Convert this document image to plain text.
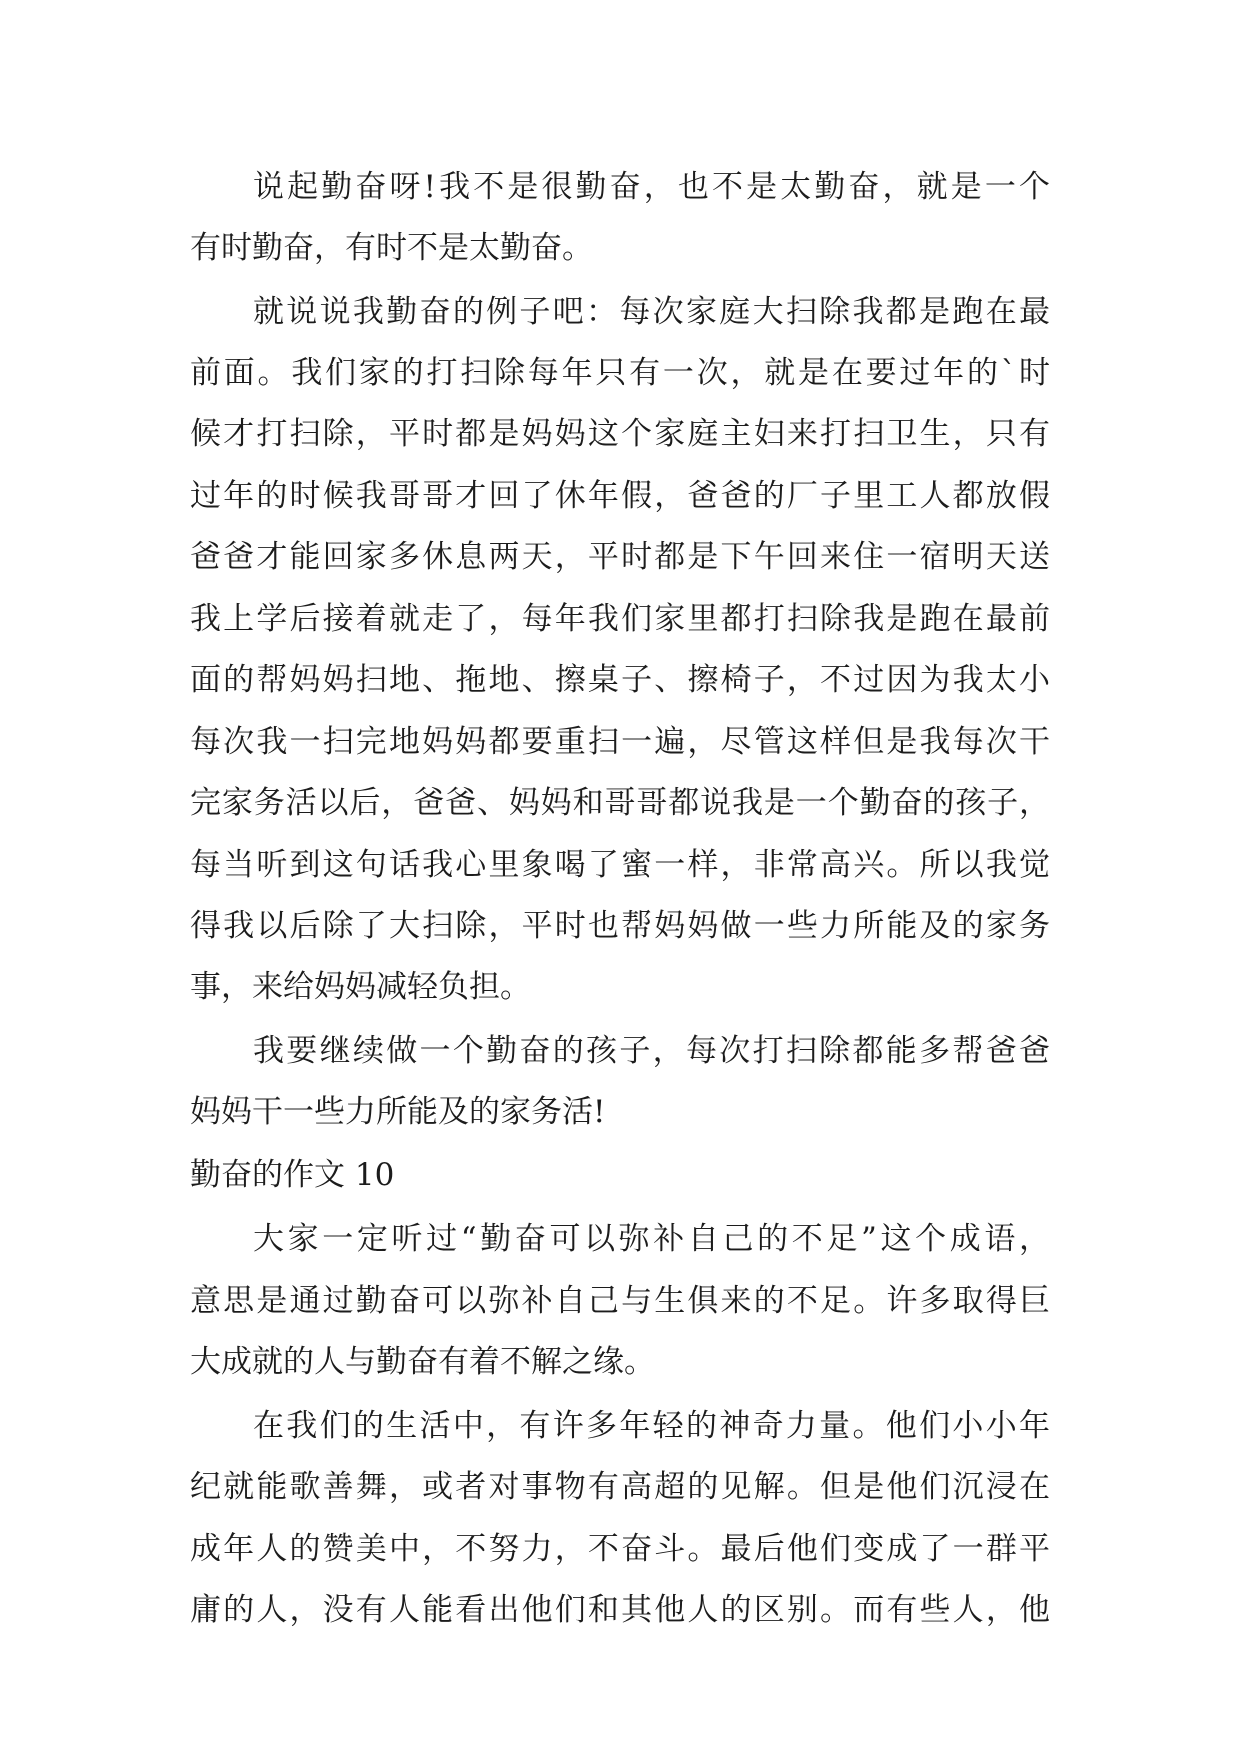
说起勤奋呀!我不是很勤奋，也不是太勤奋，就是一个
有时勤奋，有时不是太勤奋。
就说说我勤奋的例子吧：每次家庭大扫除我都是跑在最
前面。我们家的打扫除每年只有一次，就是在要过年的`时
候才打扫除，平时都是妈妈这个家庭主妇来打扫卫生，只有
过年的时候我哥哥才回了休年假，爸爸的厂子里工人都放假
爸爸才能回家多休息两天，平时都是下午回来住一宿明天送
我上学后接着就走了，每年我们家里都打扫除我是跑在最前
面的帮妈妈扫地、拖地、擦桌子、擦椅子，不过因为我太小
每次我一扫完地妈妈都要重扫一遍，尽管这样但是我每次干
完家务活以后，爸爸、妈妈和哥哥都说我是一个勤奋的孩子，
每当听到这句话我心里象喝了蜜一样，非常高兴。所以我觉
得我以后除了大扫除，平时也帮妈妈做一些力所能及的家务
事，来给妈妈减轻负担。
我要继续做一个勤奋的孩子，每次打扫除都能多帮爸爸
妈妈干一些力所能及的家务活!
勤奋的作文 10
大家一定听过“勤奋可以弥补自己的不足”这个成语，
意思是通过勤奋可以弥补自己与生俱来的不足。许多取得巨
大成就的人与勤奋有着不解之缘。
在我们的生活中，有许多年轻的神奇力量。他们小小年
纪就能歌善舞，或者对事物有高超的见解。但是他们沉浸在
成年人的赞美中，不努力，不奋斗。最后他们变成了一群平
庸的人，没有人能看出他们和其他人的区别。而有些人，他
